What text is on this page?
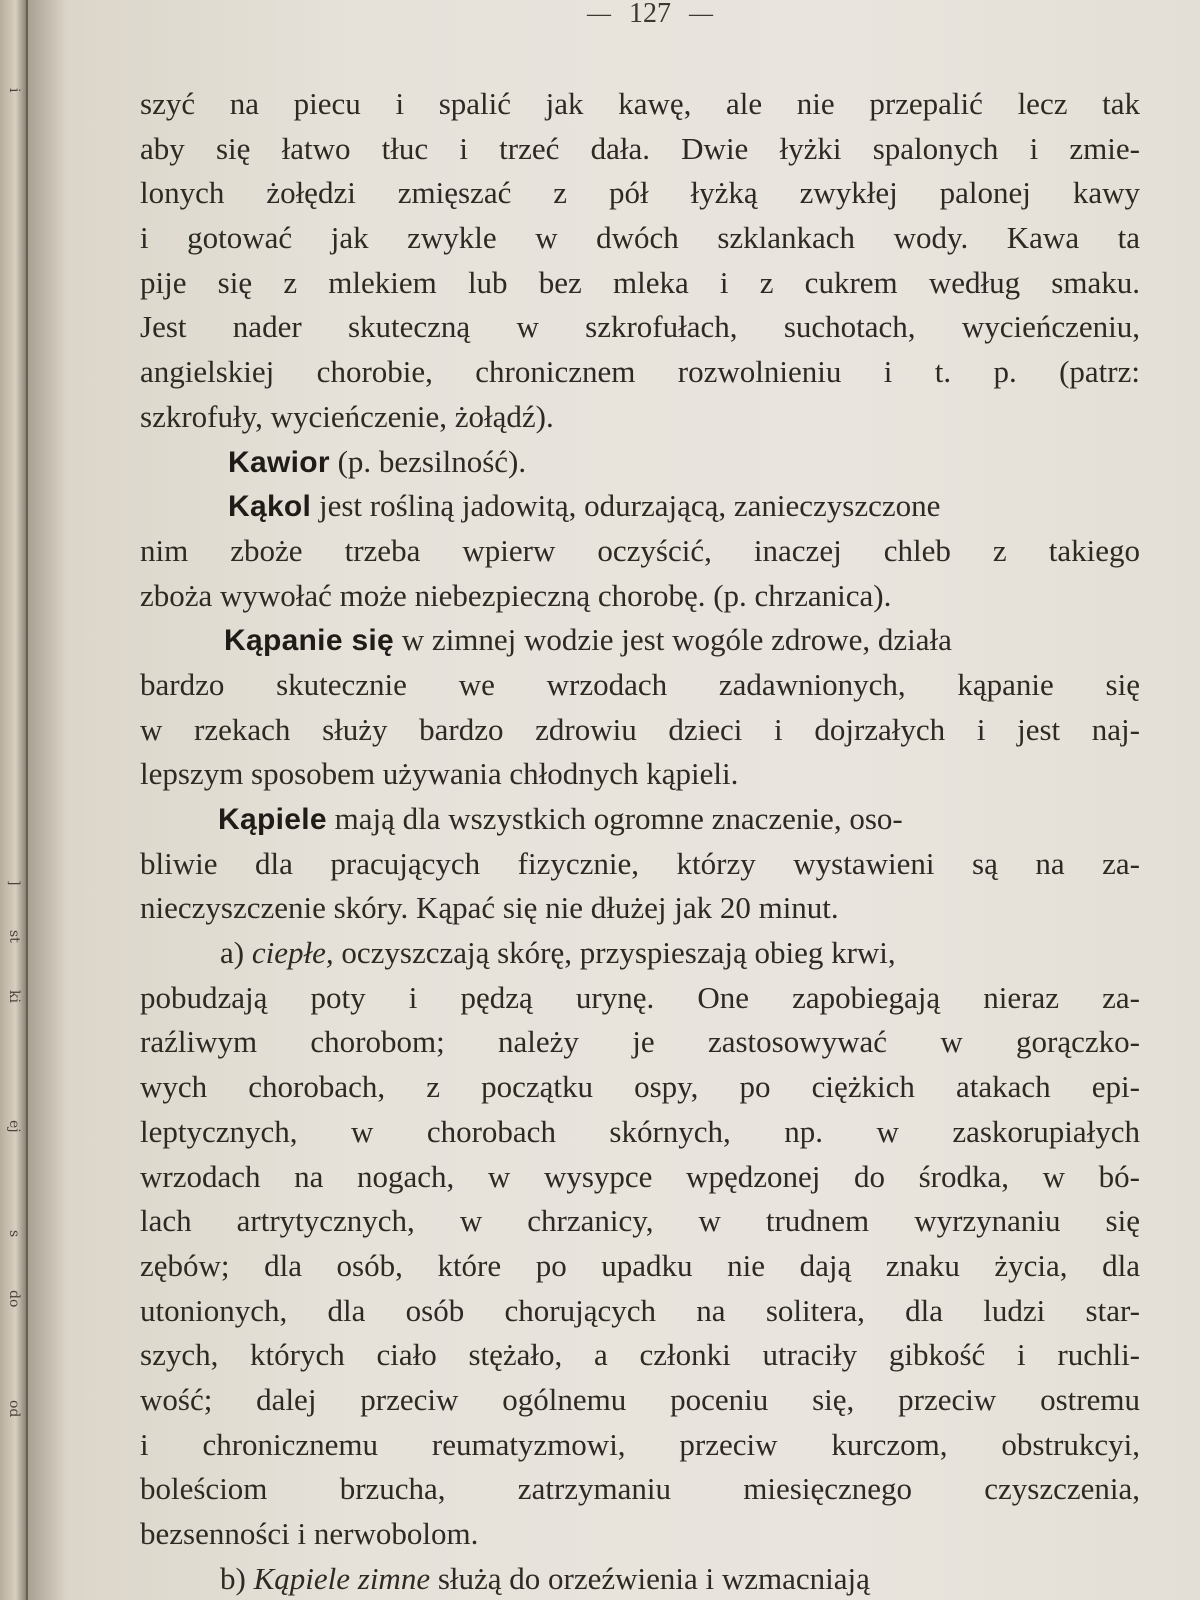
i
]
st
ki
ej
s
do
od
— 127 —
szyć na piecu i spalić jak kawę, ale nie przepalić lecz tak
aby się łatwo tłuc i trzeć dała. Dwie łyżki spalonych i zmie-
lonych żołędzi zmięszać z pół łyżką zwykłej palonej kawy
i gotować jak zwykle w dwóch szklankach wody. Kawa ta
pije się z mlekiem lub bez mleka i z cukrem według smaku.
Jest nader skuteczną w szkrofułach, suchotach, wycieńczeniu,
angielskiej chorobie, chronicznem rozwolnieniu i t. p. (patrz:
szkrofuły, wycieńczenie, żołądź).
Kawior (p. bezsilność).
Kąkol jest rośliną jadowitą, odurzającą, zanieczyszczone
nim zboże trzeba wpierw oczyścić, inaczej chleb z takiego
zboża wywołać może niebezpieczną chorobę. (p. chrzanica).
Kąpanie się w zimnej wodzie jest wogóle zdrowe, działa
bardzo skutecznie we wrzodach zadawnionych, kąpanie się
w rzekach służy bardzo zdrowiu dzieci i dojrzałych i jest naj-
lepszym sposobem używania chłodnych kąpieli.
Kąpiele mają dla wszystkich ogromne znaczenie, oso-
bliwie dla pracujących fizycznie, którzy wystawieni są na za-
nieczyszczenie skóry. Kąpać się nie dłużej jak 20 minut.
a) ciepłe, oczyszczają skórę, przyspieszają obieg krwi,
pobudzają poty i pędzą urynę. One zapobiegają nieraz za-
raźliwym chorobom; należy je zastosowywać w gorączko-
wych chorobach, z początku ospy, po ciężkich atakach epi-
leptycznych, w chorobach skórnych, np. w zaskorupiałych
wrzodach na nogach, w wysypce wpędzonej do środka, w bó-
lach artrytycznych, w chrzanicy, w trudnem wyrzynaniu się
zębów; dla osób, które po upadku nie dają znaku życia, dla
utonionych, dla osób chorujących na solitera, dla ludzi star-
szych, których ciało stężało, a członki utraciły gibkość i ruchli-
wość; dalej przeciw ogólnemu poceniu się, przeciw ostremu
i chronicznemu reumatyzmowi, przeciw kurczom, obstrukcyi,
boleściom brzucha, zatrzymaniu miesięcznego czyszczenia,
bezsenności i nerwobolom.
b) Kąpiele zimne służą do orzeźwienia i wzmacniają
